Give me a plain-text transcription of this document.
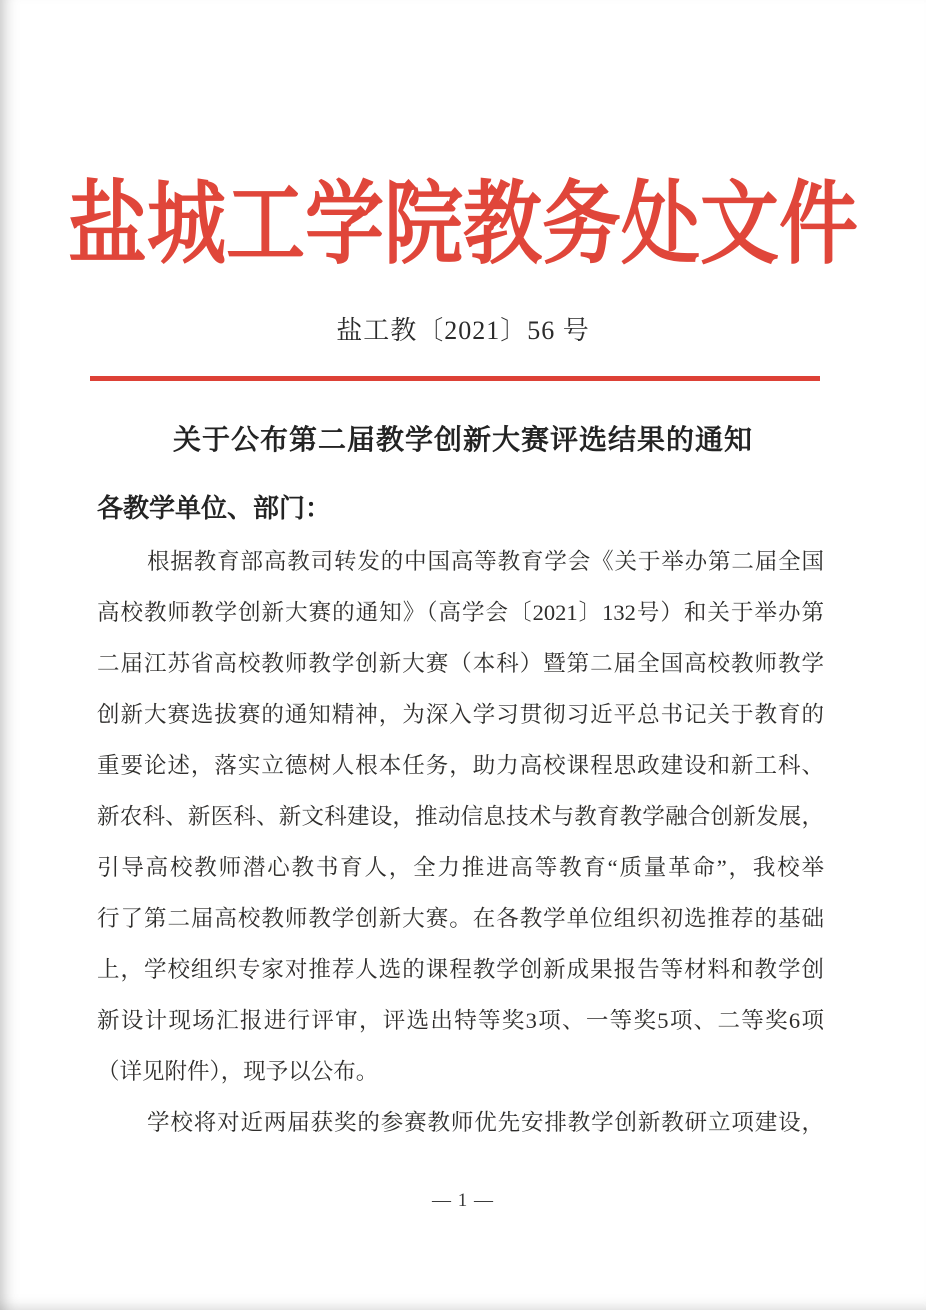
盐城工学院教务处文件
盐工教〔2021〕56 号
关于公布第二届教学创新大赛评选结果的通知
各教学单位、部门：
根据教育部高教司转发的中国高等教育学会《关于举办第二届全国
高校教师教学创新大赛的通知》（高学会〔2021〕132号）和关于举办第
二届江苏省高校教师教学创新大赛（本科）暨第二届全国高校教师教学
创新大赛选拔赛的通知精神，为深入学习贯彻习近平总书记关于教育的
重要论述，落实立德树人根本任务，助力高校课程思政建设和新工科、
新农科、新医科、新文科建设，推动信息技术与教育教学融合创新发展，
引导高校教师潜心教书育人，全力推进高等教育“质量革命”，我校举
行了第二届高校教师教学创新大赛。在各教学单位组织初选推荐的基础
上，学校组织专家对推荐人选的课程教学创新成果报告等材料和教学创
新设计现场汇报进行评审，评选出特等奖3项、一等奖5项、二等奖6项
（详见附件），现予以公布。
学校将对近两届获奖的参赛教师优先安排教学创新教研立项建设，
— 1 —
